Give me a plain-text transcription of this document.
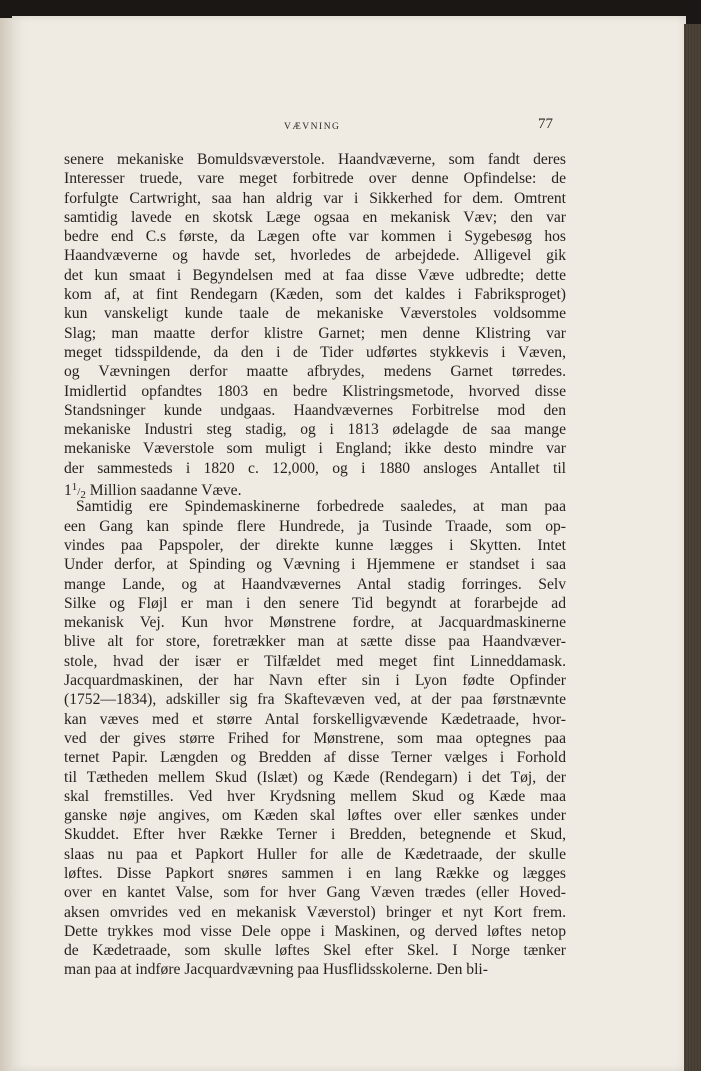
VÆVNING	77
senere mekaniske Bomuldsvæverstole. Haandvæverne, som fandt deres
Interesser truede, vare meget forbitrede over denne Opfindelse: de
forfulgte Cartwright, saa han aldrig var i Sikkerhed for dem. Omtrent
samtidig lavede en skotsk Læge ogsaa en mekanisk Væv; den var
bedre end C.s første, da Lægen ofte var kommen i Sygebesøg hos
Haandvæverne og havde set, hvorledes de arbejdede. Alligevel gik
det kun smaat i Begyndelsen med at faa disse Væve udbredte; dette
kom af, at fint Rendegarn (Kæden, som det kaldes i Fabriksproget)
kun vanskeligt kunde taale de mekaniske Væverstoles voldsomme
Slag; man maatte derfor klistre Garnet; men denne Klistring var
meget tidsspildende, da den i de Tider udførtes stykkevis i Væven,
og Vævningen derfor maatte afbrydes, medens Garnet tørredes.
Imidlertid opfandtes 1803 en bedre Klistringsmetode, hvorved disse
Standsninger kunde undgaas. Haandvævernes Forbitrelse mod den
mekaniske Industri steg stadig, og i 1813 ødelagde de saa mange
mekaniske Væverstole som muligt i England; ikke desto mindre var
der sammesteds i 1820 c. 12,000, og i 1880 ansloges Antallet til
$1^1/2$ Million saadanne Væve.
Samtidig ere Spindemaskinerne forbedrede saaledes, at man paa
een Gang kan spinde flere Hundrede, ja Tusinde Traade, som op-
vindes paa Papspoler, der direkte kunne lægges i Skytten. Intet
Under derfor, at Spinding og Vævning i Hjemmene er standset i saa
mange Lande, og at Haandvævernes Antal stadig forringes. Selv
Silke og Fløjl er man i den senere Tid begyndt at forarbejde ad
mekanisk Vej. Kun hvor Mønstrene fordre, at Jacquardmaskinerne
blive alt for store, foretrækker man at sætte disse paa Haandvæver-
stole, hvad der især er Tilfældet med meget fint Linneddamask.
Jacquardmaskinen, der har Navn efter sin i Lyon fødte Opfinder
(1752—1834), adskiller sig fra Skaftevæven ved, at der paa førstnævnte
kan væves med et større Antal forskelligvævende Kædetraade, hvor-
ved der gives større Frihed for Mønstrene, som maa optegnes paa
ternet Papir. Længden og Bredden af disse Terner vælges i Forhold
til Tætheden mellem Skud (Islæt) og Kæde (Rendegarn) i det Tøj, der
skal fremstilles. Ved hver Krydsning mellem Skud og Kæde maa
ganske nøje angives, om Kæden skal løftes over eller sænkes under
Skuddet. Efter hver Række Terner i Bredden, betegnende et Skud,
slaas nu paa et Papkort Huller for alle de Kædetraade, der skulle
løftes. Disse Papkort snøres sammen i en lang Række og lægges
over en kantet Valse, som for hver Gang Væven trædes (eller Hoved-
aksen omvrides ved en mekanisk Væverstol) bringer et nyt Kort frem.
Dette trykkes mod visse Dele oppe i Maskinen, og derved løftes netop
de Kædetraade, som skulle løftes Skel efter Skel. I Norge tænker
man paa at indføre Jacquardvævning paa Husflidsskolerne. Den bli-
